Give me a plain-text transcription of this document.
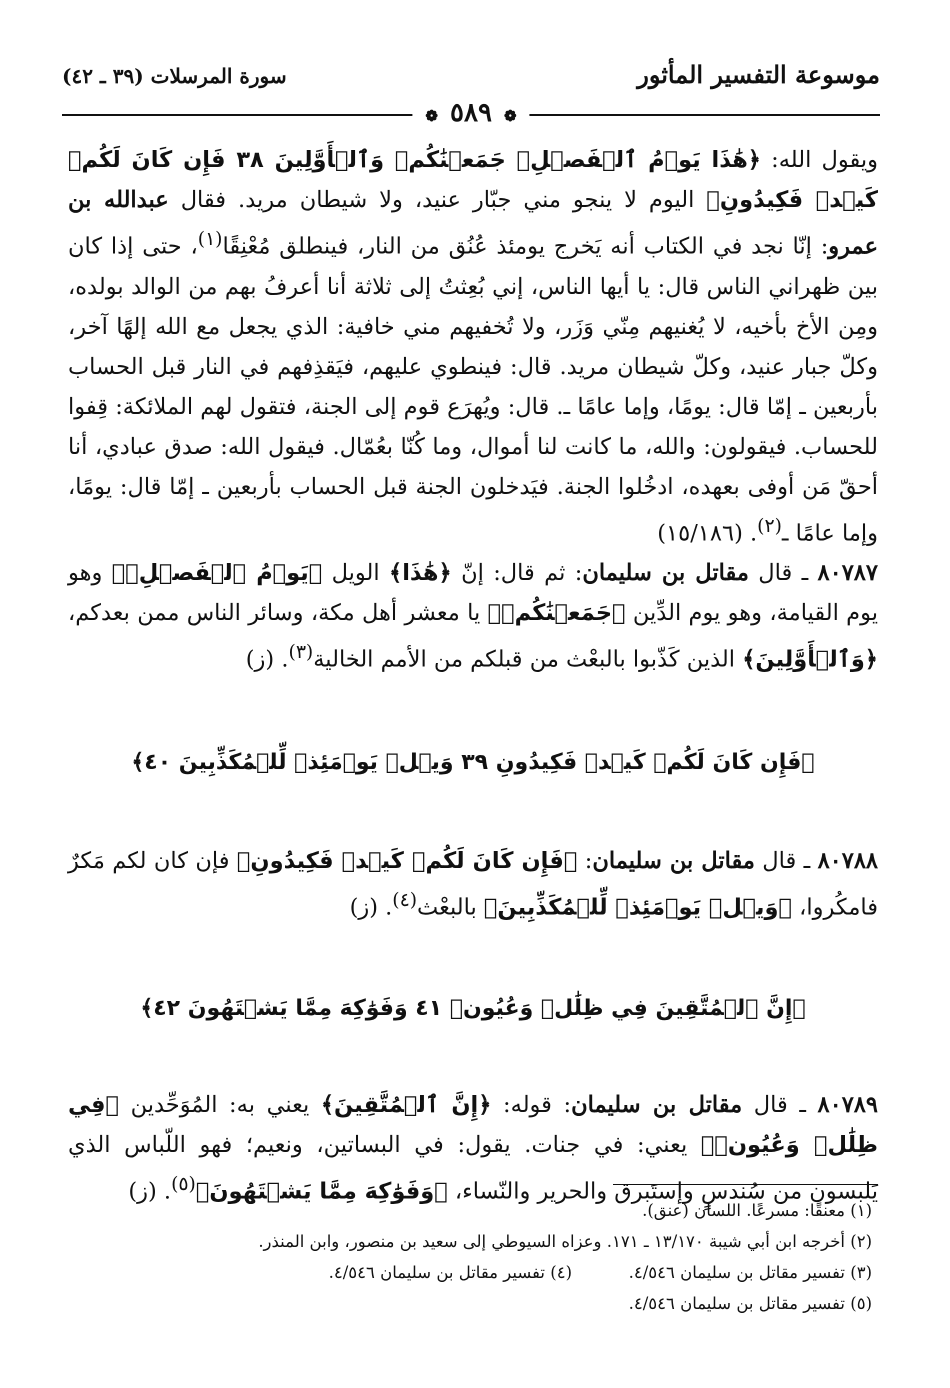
موسوعة التفسير المأثور
❁ ٥٨٩ ❁
سورة المرسلات (٣٩ ـ ٤٢)

ويقول الله: ﴿هَٰذَا يَوۡمُ ٱلۡفَصۡلِۖ جَمَعۡنَٰكُمۡ وَٱلۡأَوَّلِينَ ٣٨ فَإِن كَانَ لَكُمۡ كَيۡدٞ فَكِيدُونِ﴾ اليوم لا ينجو مني جبّار عنيد، ولا شيطان مريد. فقال عبدالله بن عمرو: إنّا نجد في الكتاب أنه يَخرج يومئذ عُنُق من النار، فينطلق مُعْنِقًا$^{(١)}$، حتى إذا كان بين ظهراني الناس قال: يا أيها الناس، إني بُعِثتُ إلى ثلاثة أنا أعرفُ بهم من الوالد بولده، ومِن الأخ بأخيه، لا يُغنيهم مِنّي وَزَر، ولا تُخفيهم مني خافية: الذي يجعل مع الله إلهًا آخر، وكلّ جبار عنيد، وكلّ شيطان مريد. قال: فينطوي عليهم، فيَقذِفهم في النار قبل الحساب بأربعين ـ إمّا قال: يومًا، وإما عامًا ـ. قال: ويُهرَع قوم إلى الجنة، فتقول لهم الملائكة: قِفوا للحساب. فيقولون: والله، ما كانت لنا أموال، وما كُنّا بعُمّال. فيقول الله: صدق عبادي، أنا أحقّ مَن أوفى بعهده، ادخُلوا الجنة. فيَدخلون الجنة قبل الحساب بأربعين ـ إمّا قال: يومًا، وإما عامًا ـ$^{(٢)}$. (١٥/١٨٦)

٨٠٧٨٧ ـ قال مقاتل بن سليمان: ثم قال: إنّ ﴿هَٰذَا﴾ الويل ﴿يَوۡمُ ٱلۡفَصۡلِۖ﴾ وهو يوم القيامة، وهو يوم الدِّين ﴿جَمَعۡنَٰكُمۡ﴾ يا معشر أهل مكة، وسائر الناس ممن بعدكم، ﴿وَٱلۡأَوَّلِينَ﴾ الذين كَذّبوا بالبعْث من قبلكم من الأمم الخالية$^{(٣)}$. (ز)

﴿فَإِن كَانَ لَكُمۡ كَيۡدٞ فَكِيدُونِ ٣٩ وَيۡلٞ يَوۡمَئِذٖ لِّلۡمُكَذِّبِينَ ٤٠﴾

٨٠٧٨٨ ـ قال مقاتل بن سليمان: ﴿فَإِن كَانَ لَكُمۡ كَيۡدٞ فَكِيدُونِ﴾ فإن كان لكم مَكرٌ فامكُروا، ﴿وَيۡلٞ يَوۡمَئِذٖ لِّلۡمُكَذِّبِينَ﴾ بالبعْث$^{(٤)}$. (ز)

﴿إِنَّ ٱلۡمُتَّقِينَ فِي ظِلَٰلٖ وَعُيُونٖ ٤١ وَفَوَٰكِهَ مِمَّا يَشۡتَهُونَ ٤٢﴾

٨٠٧٨٩ ـ قال مقاتل بن سليمان: قوله: ﴿إِنَّ ٱلۡمُتَّقِينَ﴾ يعني به: المُوَحِّدين ﴿فِي ظِلَٰلٖ وَعُيُونٖ﴾ يعني: في جنات. يقول: في البساتين، ونعيم؛ فهو اللّباس الذي يَلبسون من سُندسٍ وإستَبرق والحرير والنّساء، ﴿وَفَوَٰكِهَ مِمَّا يَشۡتَهُونَ﴾$^{(٥)}$. (ز)

(١) معنقًا: مسرعًا. اللسان (عنق).

(٢) أخرجه ابن أبي شيبة ١٣/١٧٠ ـ ١٧١. وعزاه السيوطي إلى سعيد بن منصور، وابن المنذر.

(٣) تفسير مقاتل بن سليمان ٤/٥٤٦.
(٤) تفسير مقاتل بن سليمان ٤/٥٤٦.

(٥) تفسير مقاتل بن سليمان ٤/٥٤٦.
